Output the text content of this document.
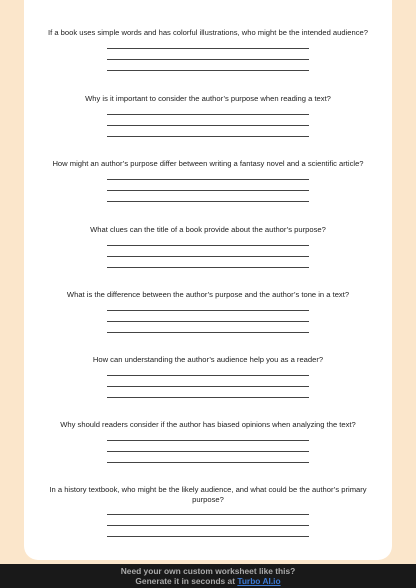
If a book uses simple words and has colorful illustrations, who might be the intended audience?
Why is it important to consider the author’s purpose when reading a text?
How might an author’s purpose differ between writing a fantasy novel and a scientific article?
What clues can the title of a book provide about the author’s purpose?
What is the difference between the author’s purpose and the author’s tone in a text?
How can understanding the author’s audience help you as a reader?
Why should readers consider if the author has biased opinions when analyzing the text?
In a history textbook, who might be the likely audience, and what could be the author’s primary purpose?
Need your own custom worksheet like this?
Generate it in seconds at Turbo AI.io
